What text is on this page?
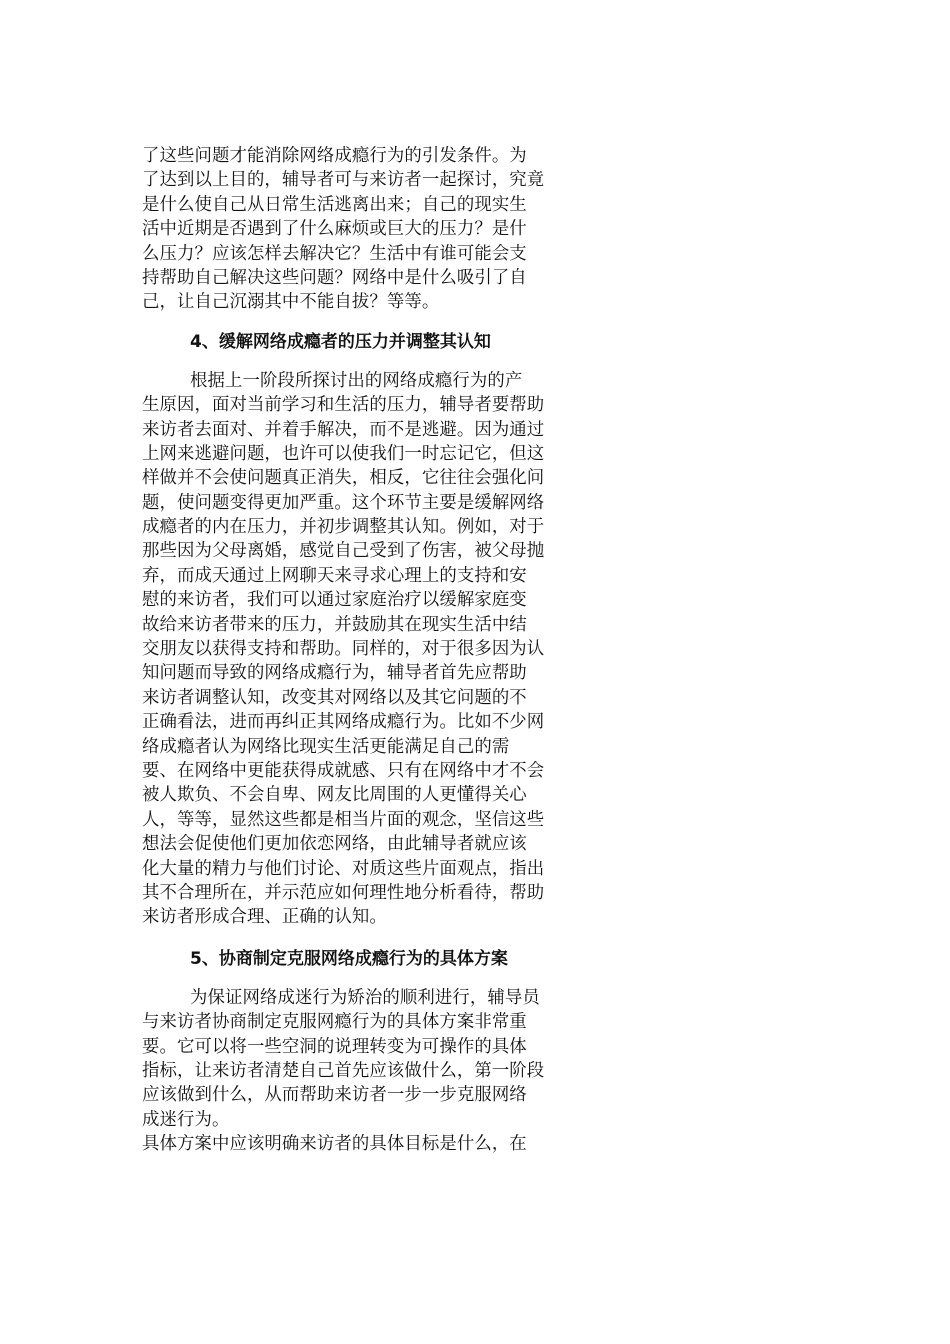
了这些问题才能消除网络成瘾行为的引发条件。为
了达到以上目的，辅导者可与来访者一起探讨，究竟
是什么使自己从日常生活逃离出来；自己的现实生
活中近期是否遇到了什么麻烦或巨大的压力？是什
么压力？应该怎样去解决它？生活中有谁可能会支
持帮助自己解决这些问题？网络中是什么吸引了自
己，让自己沉溺其中不能自拔？等等。
4、缓解网络成瘾者的压力并调整其认知
根据上一阶段所探讨出的网络成瘾行为的产
生原因，面对当前学习和生活的压力，辅导者要帮助
来访者去面对、并着手解决，而不是逃避。因为通过
上网来逃避问题，也许可以使我们一时忘记它，但这
样做并不会使问题真正消失，相反，它往往会强化问
题，使问题变得更加严重。这个环节主要是缓解网络
成瘾者的内在压力，并初步调整其认知。例如，对于
那些因为父母离婚，感觉自己受到了伤害，被父母抛
弃，而成天通过上网聊天来寻求心理上的支持和安
慰的来访者，我们可以通过家庭治疗以缓解家庭变
故给来访者带来的压力，并鼓励其在现实生活中结
交朋友以获得支持和帮助。同样的，对于很多因为认
知问题而导致的网络成瘾行为，辅导者首先应帮助
来访者调整认知，改变其对网络以及其它问题的不
正确看法，进而再纠正其网络成瘾行为。比如不少网
络成瘾者认为网络比现实生活更能满足自己的需
要、在网络中更能获得成就感、只有在网络中才不会
被人欺负、不会自卑、网友比周围的人更懂得关心
人，等等，显然这些都是相当片面的观念，坚信这些
想法会促使他们更加依恋网络，由此辅导者就应该
化大量的精力与他们讨论、对质这些片面观点，指出
其不合理所在，并示范应如何理性地分析看待，帮助
来访者形成合理、正确的认知。
5、协商制定克服网络成瘾行为的具体方案
为保证网络成迷行为矫治的顺利进行，辅导员
与来访者协商制定克服网瘾行为的具体方案非常重
要。它可以将一些空洞的说理转变为可操作的具体
指标，让来访者清楚自己首先应该做什么，第一阶段
应该做到什么，从而帮助来访者一步一步克服网络
成迷行为。
具体方案中应该明确来访者的具体目标是什么，在
